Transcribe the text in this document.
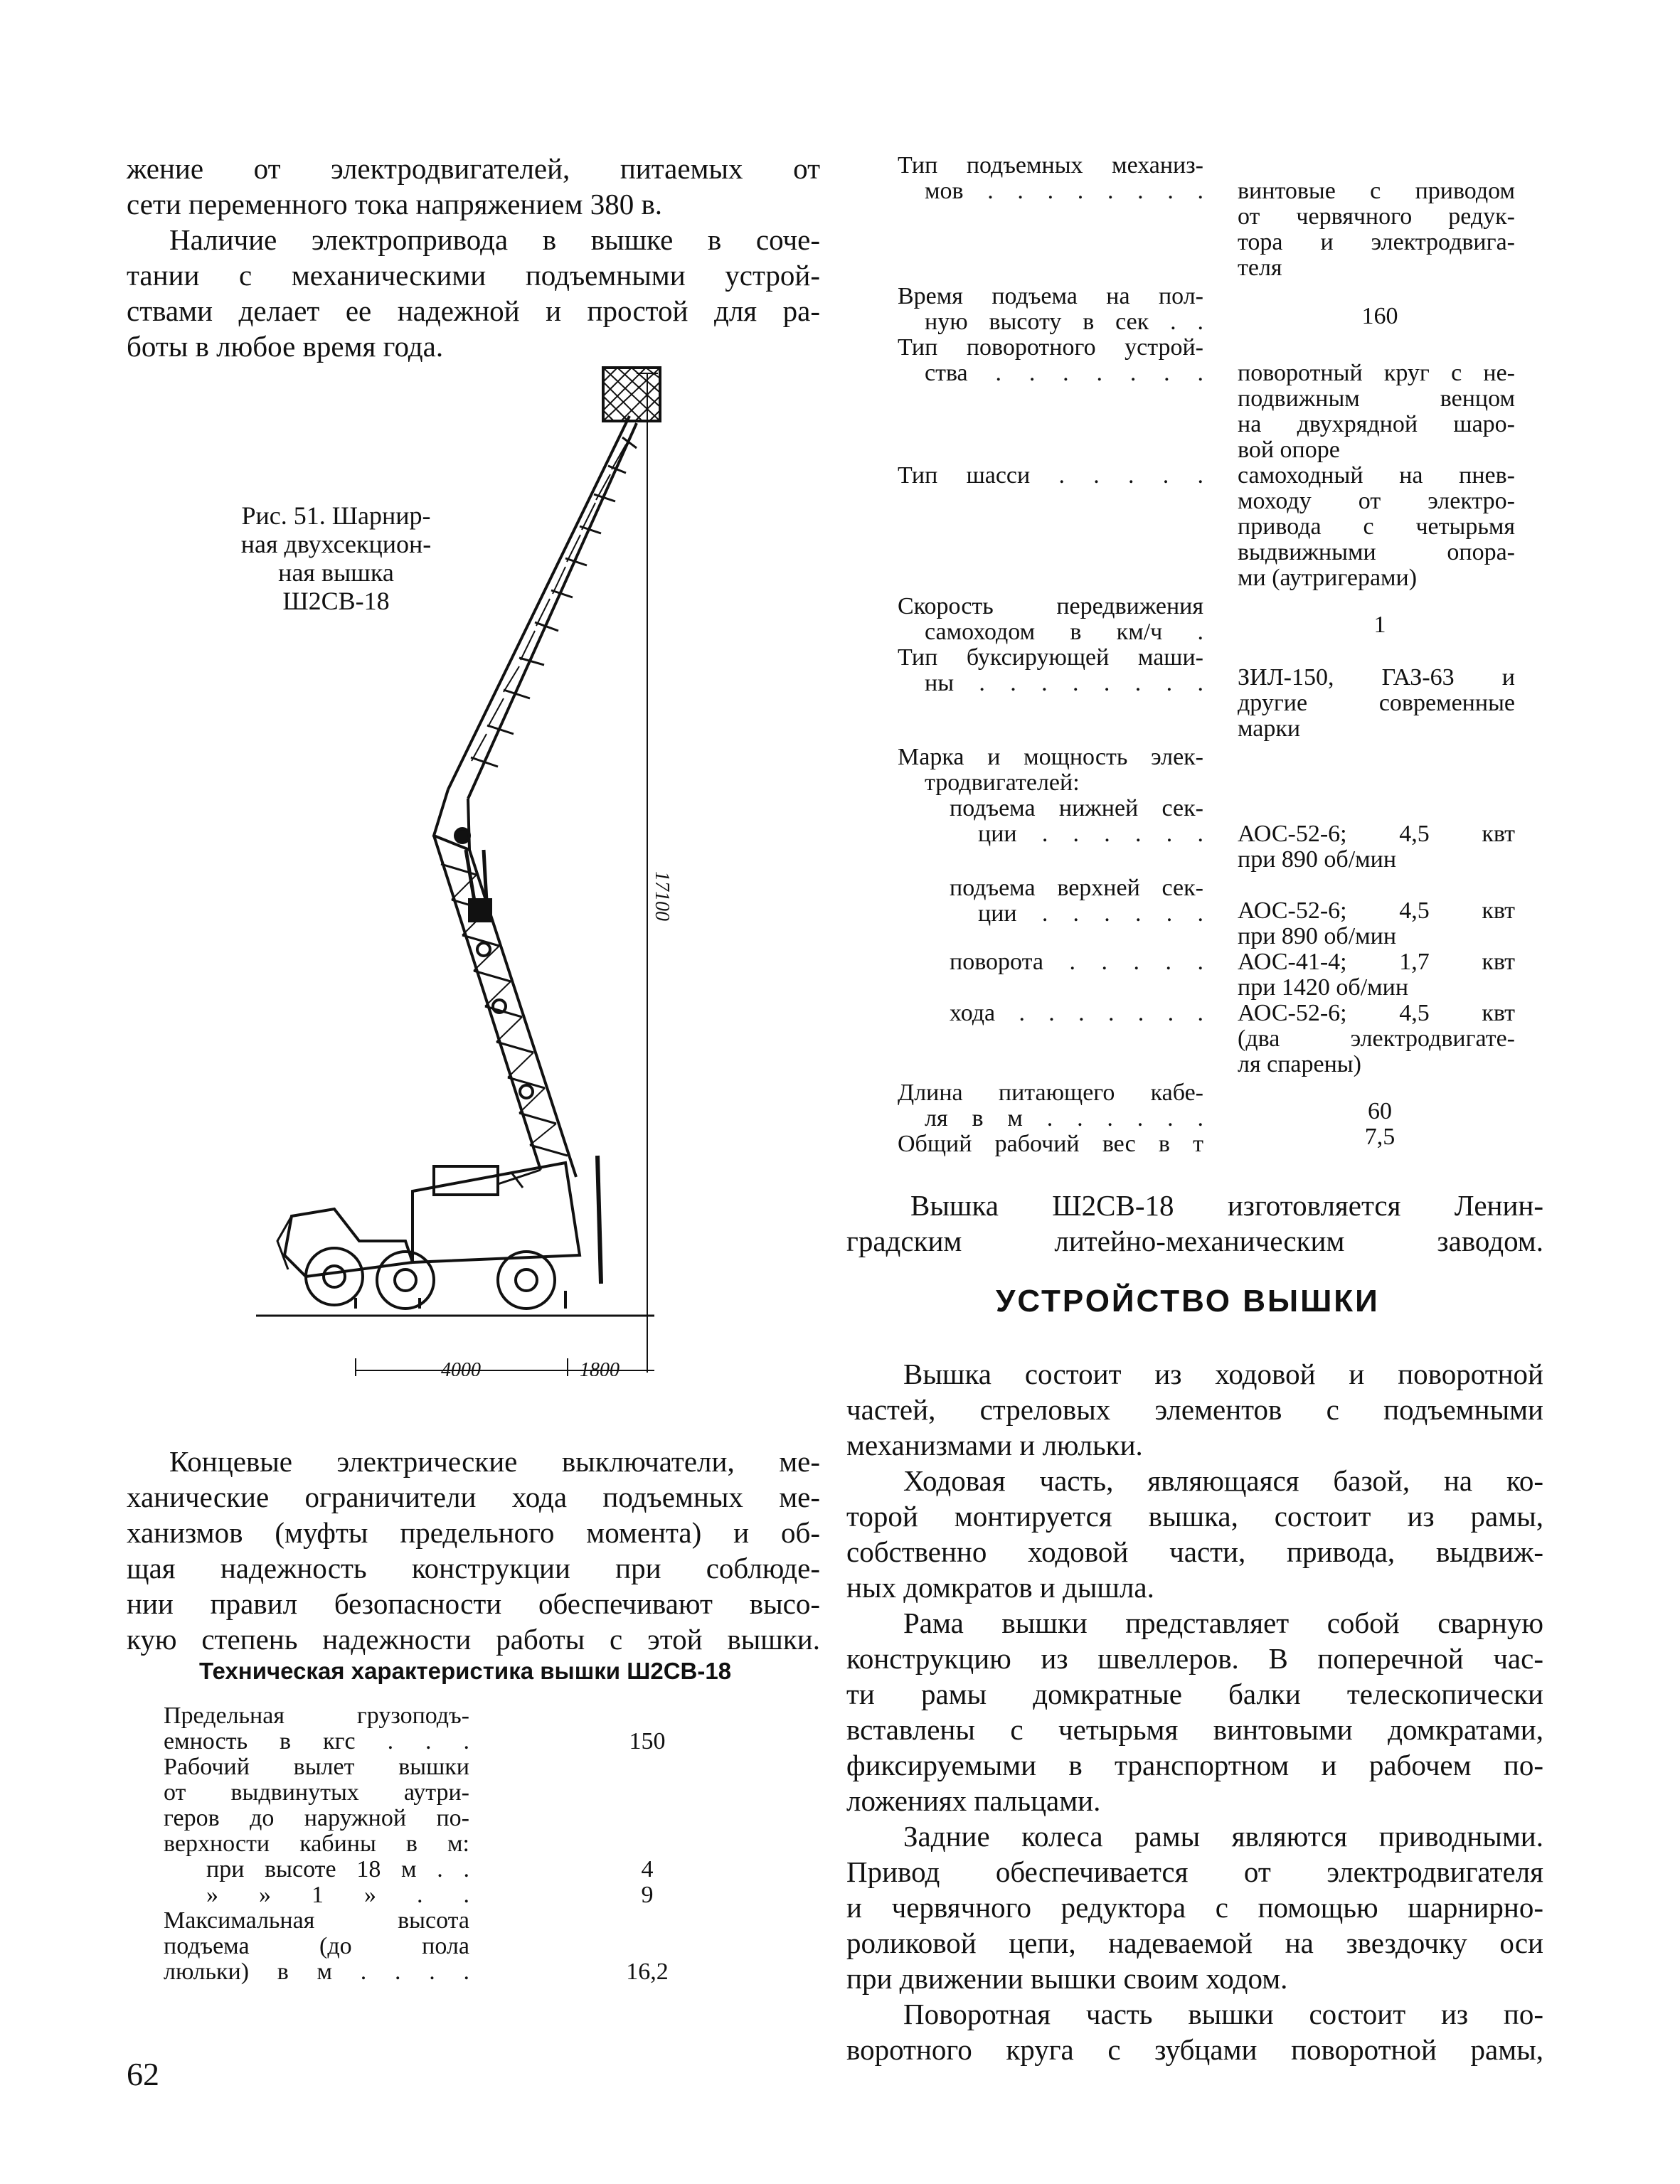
жение от электродвигателей, питаемых от
сети переменного тока напряжением 380 в.
Наличие электропривода в вышке в соче-
тании с механическими подъемными устрой-
ствами делает ее надежной и простой для ра-
боты в любое время года.
Рис. 51. Шарнир-
ная двухсекцион-
ная вышка
Ш2СВ-18
17100
4000	1800
Концевые электрические выключатели, ме-
ханические ограничители хода подъемных ме-
ханизмов (муфты предельного момента) и об-
щая надежность конструкции при соблюде-
нии правил безопасности обеспечивают высо-
кую степень надежности работы с этой вышки.
Техническая характеристика вышки Ш2СВ-18
Предельная грузоподъ-
емность в кгс . . .	150
Рабочий вылет вышки
от выдвинутых аутри-
геров до наружной по-
верхности кабины в м:
при высоте 18 м . .	4
» » 1 » . .	9
Максимальная высота
подъема (до пола
люльки) в м . . . .	16,2
62
Тип подъемных механиз-
мов . . . . . . . . винтовые с приводом
от червячного редук-
тора и электродвига-
теля
Время подъема на пол-
ную высоту в сек . .	160
Тип поворотного устрой-
ства . . . . . . . поворотный круг с не-
подвижным венцом
на двухрядной шаро-
вой опоре
Тип шасси . . . . . самоходный на пнев-
моходу от электро-
привода с четырьмя
выдвижными опора-
ми (аутригерами)
Скорость передвижения
самоходом в км/ч .	1
Тип буксирующей маши-
ны . . . . . . . . ЗИЛ-150, ГАЗ-63 и
другие современные
марки
Марка и мощность элек-
тродвигателей:
подъема нижней сек-
ции . . . . . . АОС-52-6; 4,5 квт
при 890 об/мин
подъема верхней сек-
ции . . . . . . АОС-52-6; 4,5 квт
при 890 об/мин
поворота . . . . . АОС-41-4; 1,7 квт
при 1420 об/мин
хода . . . . . . . АОС-52-6; 4,5 квт
(два электродвигате-
ля спарены)
Длина питающего кабе-
ля в м . . . . . .	60
Общий рабочий вес в т	7,5
Вышка Ш2СВ-18 изготовляется Ленин-
градским литейно-механическим заводом.
УСТРОЙСТВО ВЫШКИ
Вышка состоит из ходовой и поворотной
частей, стреловых элементов с подъемными
механизмами и люльки.
Ходовая часть, являющаяся базой, на ко-
торой монтируется вышка, состоит из рамы,
собственно ходовой части, привода, выдвиж-
ных домкратов и дышла.
Рама вышки представляет собой сварную
конструкцию из швеллеров. В поперечной час-
ти рамы домкратные балки телескопически
вставлены с четырьмя винтовыми домкратами,
фиксируемыми в транспортном и рабочем по-
ложениях пальцами.
Задние колеса рамы являются приводными.
Привод обеспечивается от электродвигателя
и червячного редуктора с помощью шарнирно-
роликовой цепи, надеваемой на звездочку оси
при движении вышки своим ходом.
Поворотная часть вышки состоит из по-
воротного круга с зубцами поворотной рамы,
